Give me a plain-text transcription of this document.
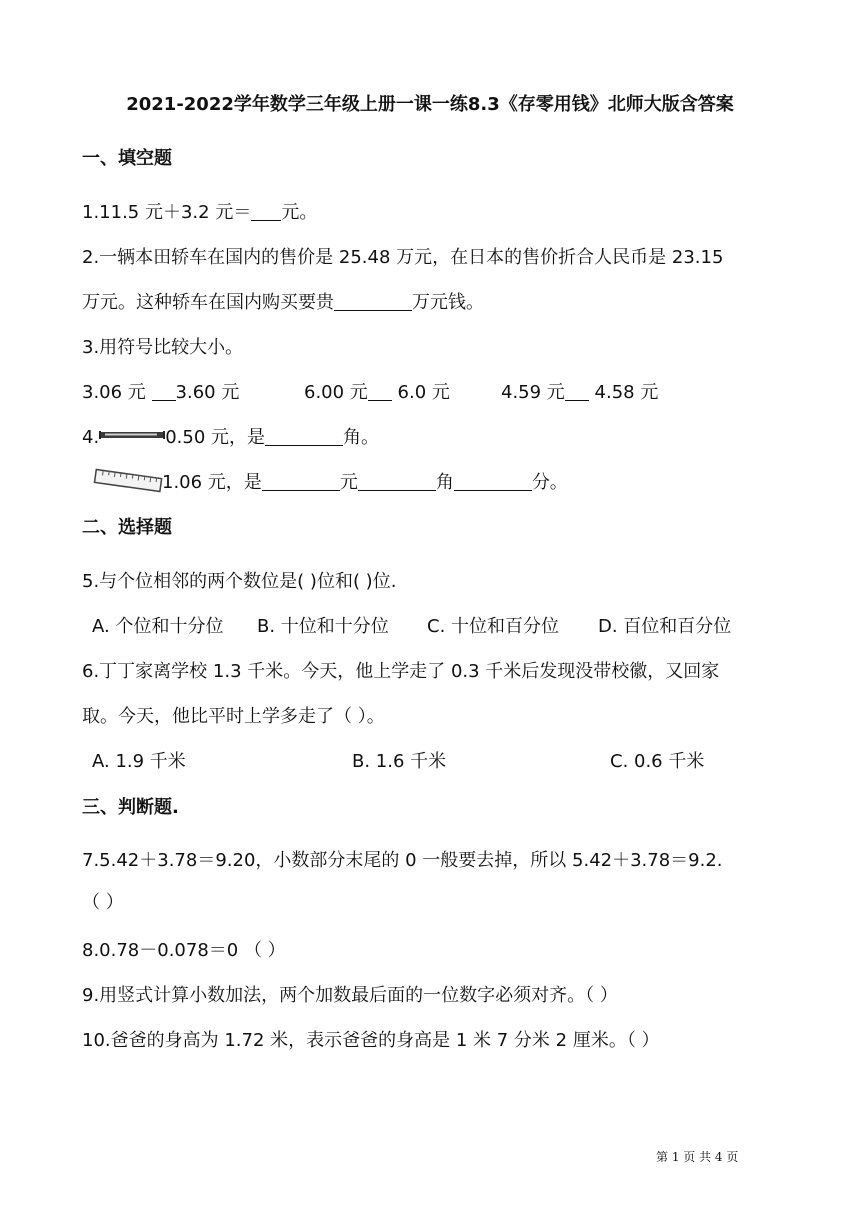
2021-2022学年数学三年级上册一课一练8.3《存零用钱》北师大版含答案
一、填空题
1.11.5 元＋3.2 元＝ 元。
2.一辆本田轿车在国内的售价是 25.48 万元，在日本的售价折合人民币是 23.15
万元。这种轿车在国内购买要贵	万元钱。
3.用符号比较大小。
3.06 元 3.60 元	6.00 元 6.0 元	4.59 元 4.58 元
4.	0.50 元，是	角。
1.06 元，是	元	角	分。
二、选择题
5.与个位相邻的两个数位是( )位和( )位.
A. 个位和十分位 B. 十位和十分位 C. 十位和百分位 D. 百位和百分位
6.丁丁家离学校 1.3 千米。今天，他上学走了 0.3 千米后发现没带校徽，又回家
取。今天，他比平时上学多走了（ ）。
A. 1.9 千米	B. 1.6 千米	C. 0.6 千米
三、判断题.
7.5.42＋3.78＝9.20，小数部分末尾的 0 一般要去掉，所以 5.42＋3.78＝9.2.
（ ）
8.0.78－0.078＝0 （ ）
9.用竖式计算小数加法，两个加数最后面的一位数字必须对齐。（ ）
10.爸爸的身高为 1.72 米，表示爸爸的身高是 1 米 7 分米 2 厘米。（ ）
第 1 页 共 4 页
